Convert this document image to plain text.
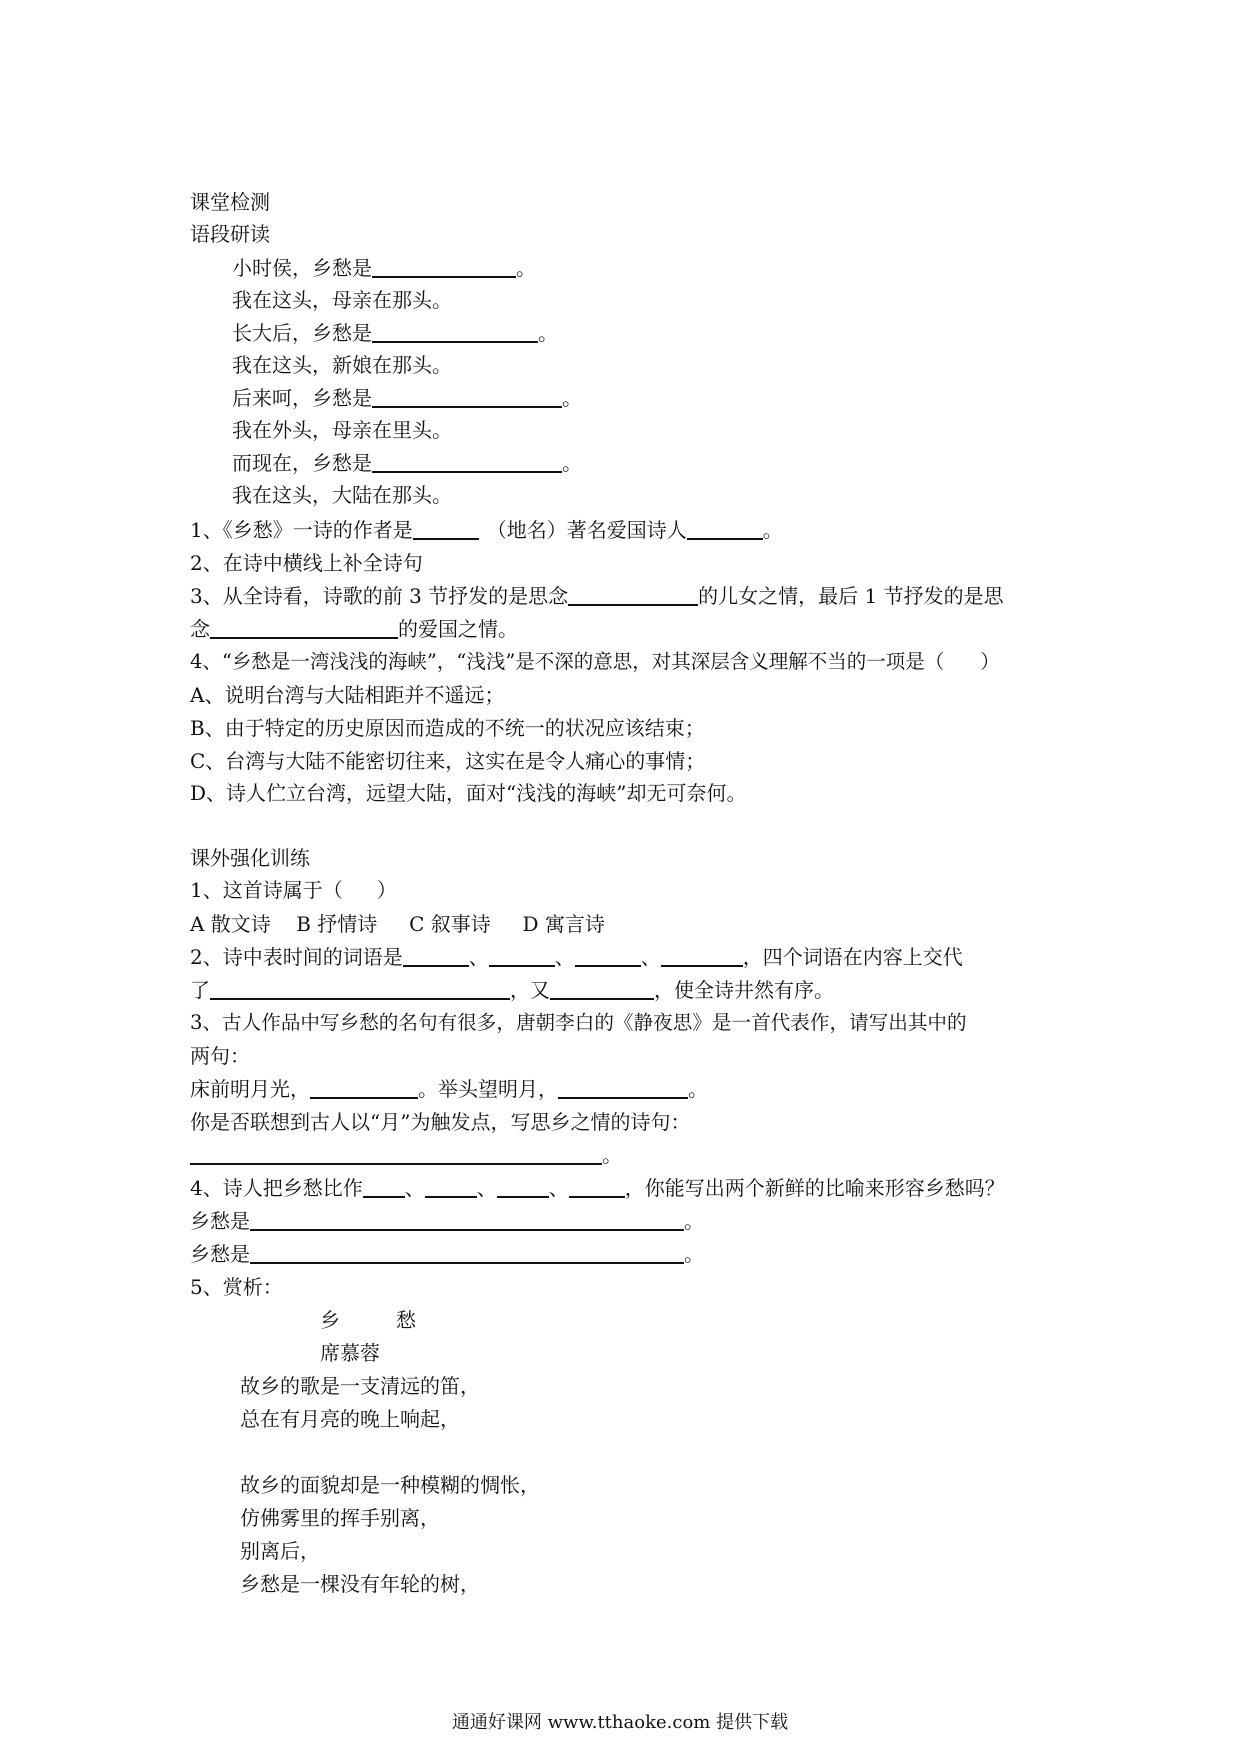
课堂检测
语段研读
小时侯，乡愁是	。
我在这头，母亲在那头。
长大后，乡愁是	。
我在这头，新娘在那头。
后来呵，乡愁是	。
我在外头，母亲在里头。
而现在，乡愁是	。
我在这头，大陆在那头。
1、《乡愁》一诗的作者是	（地名）著名爱国诗人	。
2、在诗中横线上补全诗句
3、从全诗看，诗歌的前 3 节抒发的是思念	的儿女之情，最后 1 节抒发的是思
念	的爱国之情。
4、“乡愁是一湾浅浅的海峡”，“浅浅”是不深的意思，对其深层含义理解不当的一项是（ ）
A、说明台湾与大陆相距并不遥远；
B、由于特定的历史原因而造成的不统一的状况应该结束；
C、台湾与大陆不能密切往来，这实在是令人痛心的事情；
D、诗人伫立台湾，远望大陆，面对“浅浅的海峡”却无可奈何。
课外强化训练
1、这首诗属于（ ）
A 散文诗    B 抒情诗     C 叙事诗     D 寓言诗
2、诗中表时间的词语是	、	、	、	，四个词语在内容上交代
了	，又	，使全诗井然有序。
3、古人作品中写乡愁的名句有很多，唐朝李白的《静夜思》是一首代表作，请写出其中的
两句：
床前明月光，	。举头望明月，	。
你是否联想到古人以“月”为触发点，写思乡之情的诗句：
。
4、诗人把乡愁比作 、	、	、	，你能写出两个新鲜的比喻来形容乡愁吗？
乡愁是	。
乡愁是	。
5、赏析：
乡	愁
席慕蓉
故乡的歌是一支清远的笛，
总在有月亮的晚上响起，
故乡的面貌却是一种模糊的惆怅，
仿佛雾里的挥手别离，
别离后，
乡愁是一棵没有年轮的树，
通通好课网 www.tthaoke.com 提供下载
